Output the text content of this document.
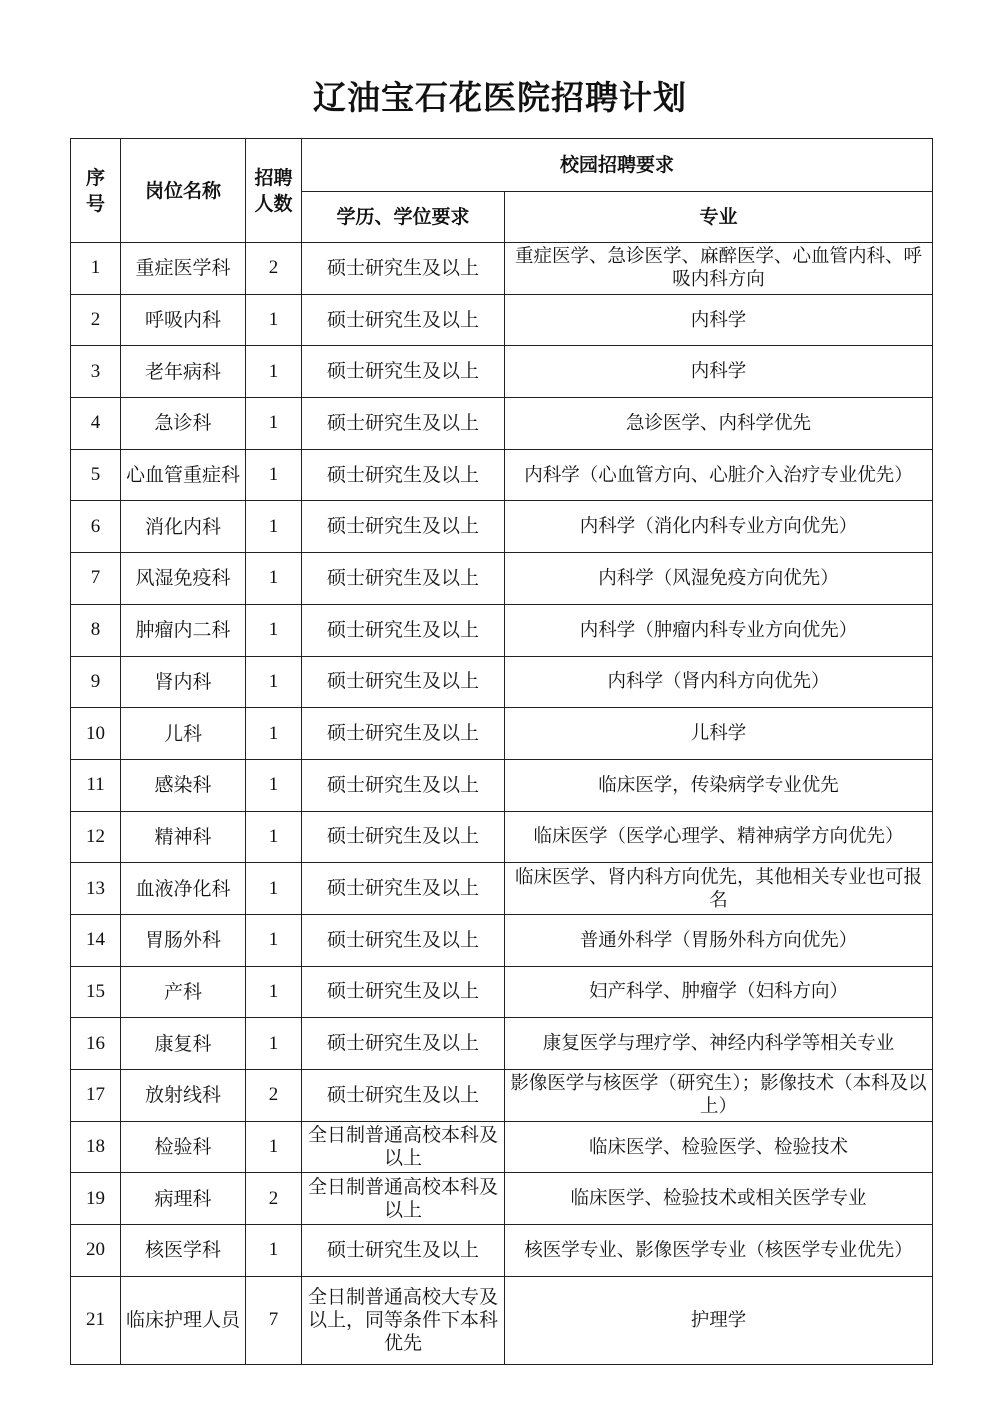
辽油宝石花医院招聘计划
序号	岗位名称	招聘人数	校园招聘要求	
			学历、学位要求	专业
1	重症医学科	2	硕士研究生及以上	重症医学、急诊医学、麻醉医学、心血管内科、呼吸内科方向
2	呼吸内科	1	硕士研究生及以上	内科学
3	老年病科	1	硕士研究生及以上	内科学
4	急诊科	1	硕士研究生及以上	急诊医学、内科学优先
5	心血管重症科	1	硕士研究生及以上	内科学（心血管方向、心脏介入治疗专业优先）
6	消化内科	1	硕士研究生及以上	内科学（消化内科专业方向优先）
7	风湿免疫科	1	硕士研究生及以上	内科学（风湿免疫方向优先）
8	肿瘤内二科	1	硕士研究生及以上	内科学（肿瘤内科专业方向优先）
9	肾内科	1	硕士研究生及以上	内科学（肾内科方向优先）
10	儿科	1	硕士研究生及以上	儿科学
11	感染科	1	硕士研究生及以上	临床医学，传染病学专业优先
12	精神科	1	硕士研究生及以上	临床医学（医学心理学、精神病学方向优先）
13	血液净化科	1	硕士研究生及以上	临床医学、肾内科方向优先，其他相关专业也可报名
14	胃肠外科	1	硕士研究生及以上	普通外科学（胃肠外科方向优先）
15	产科	1	硕士研究生及以上	妇产科学、肿瘤学（妇科方向）
16	康复科	1	硕士研究生及以上	康复医学与理疗学、神经内科学等相关专业
17	放射线科	2	硕士研究生及以上	影像医学与核医学（研究生）；影像技术（本科及以上）
18	检验科	1	全日制普通高校本科及以上	临床医学、检验医学、检验技术
19	病理科	2	全日制普通高校本科及以上	临床医学、检验技术或相关医学专业
20	核医学科	1	硕士研究生及以上	核医学专业、影像医学专业（核医学专业优先）
21	临床护理人员	7	全日制普通高校大专及以上，同等条件下本科优先	护理学
